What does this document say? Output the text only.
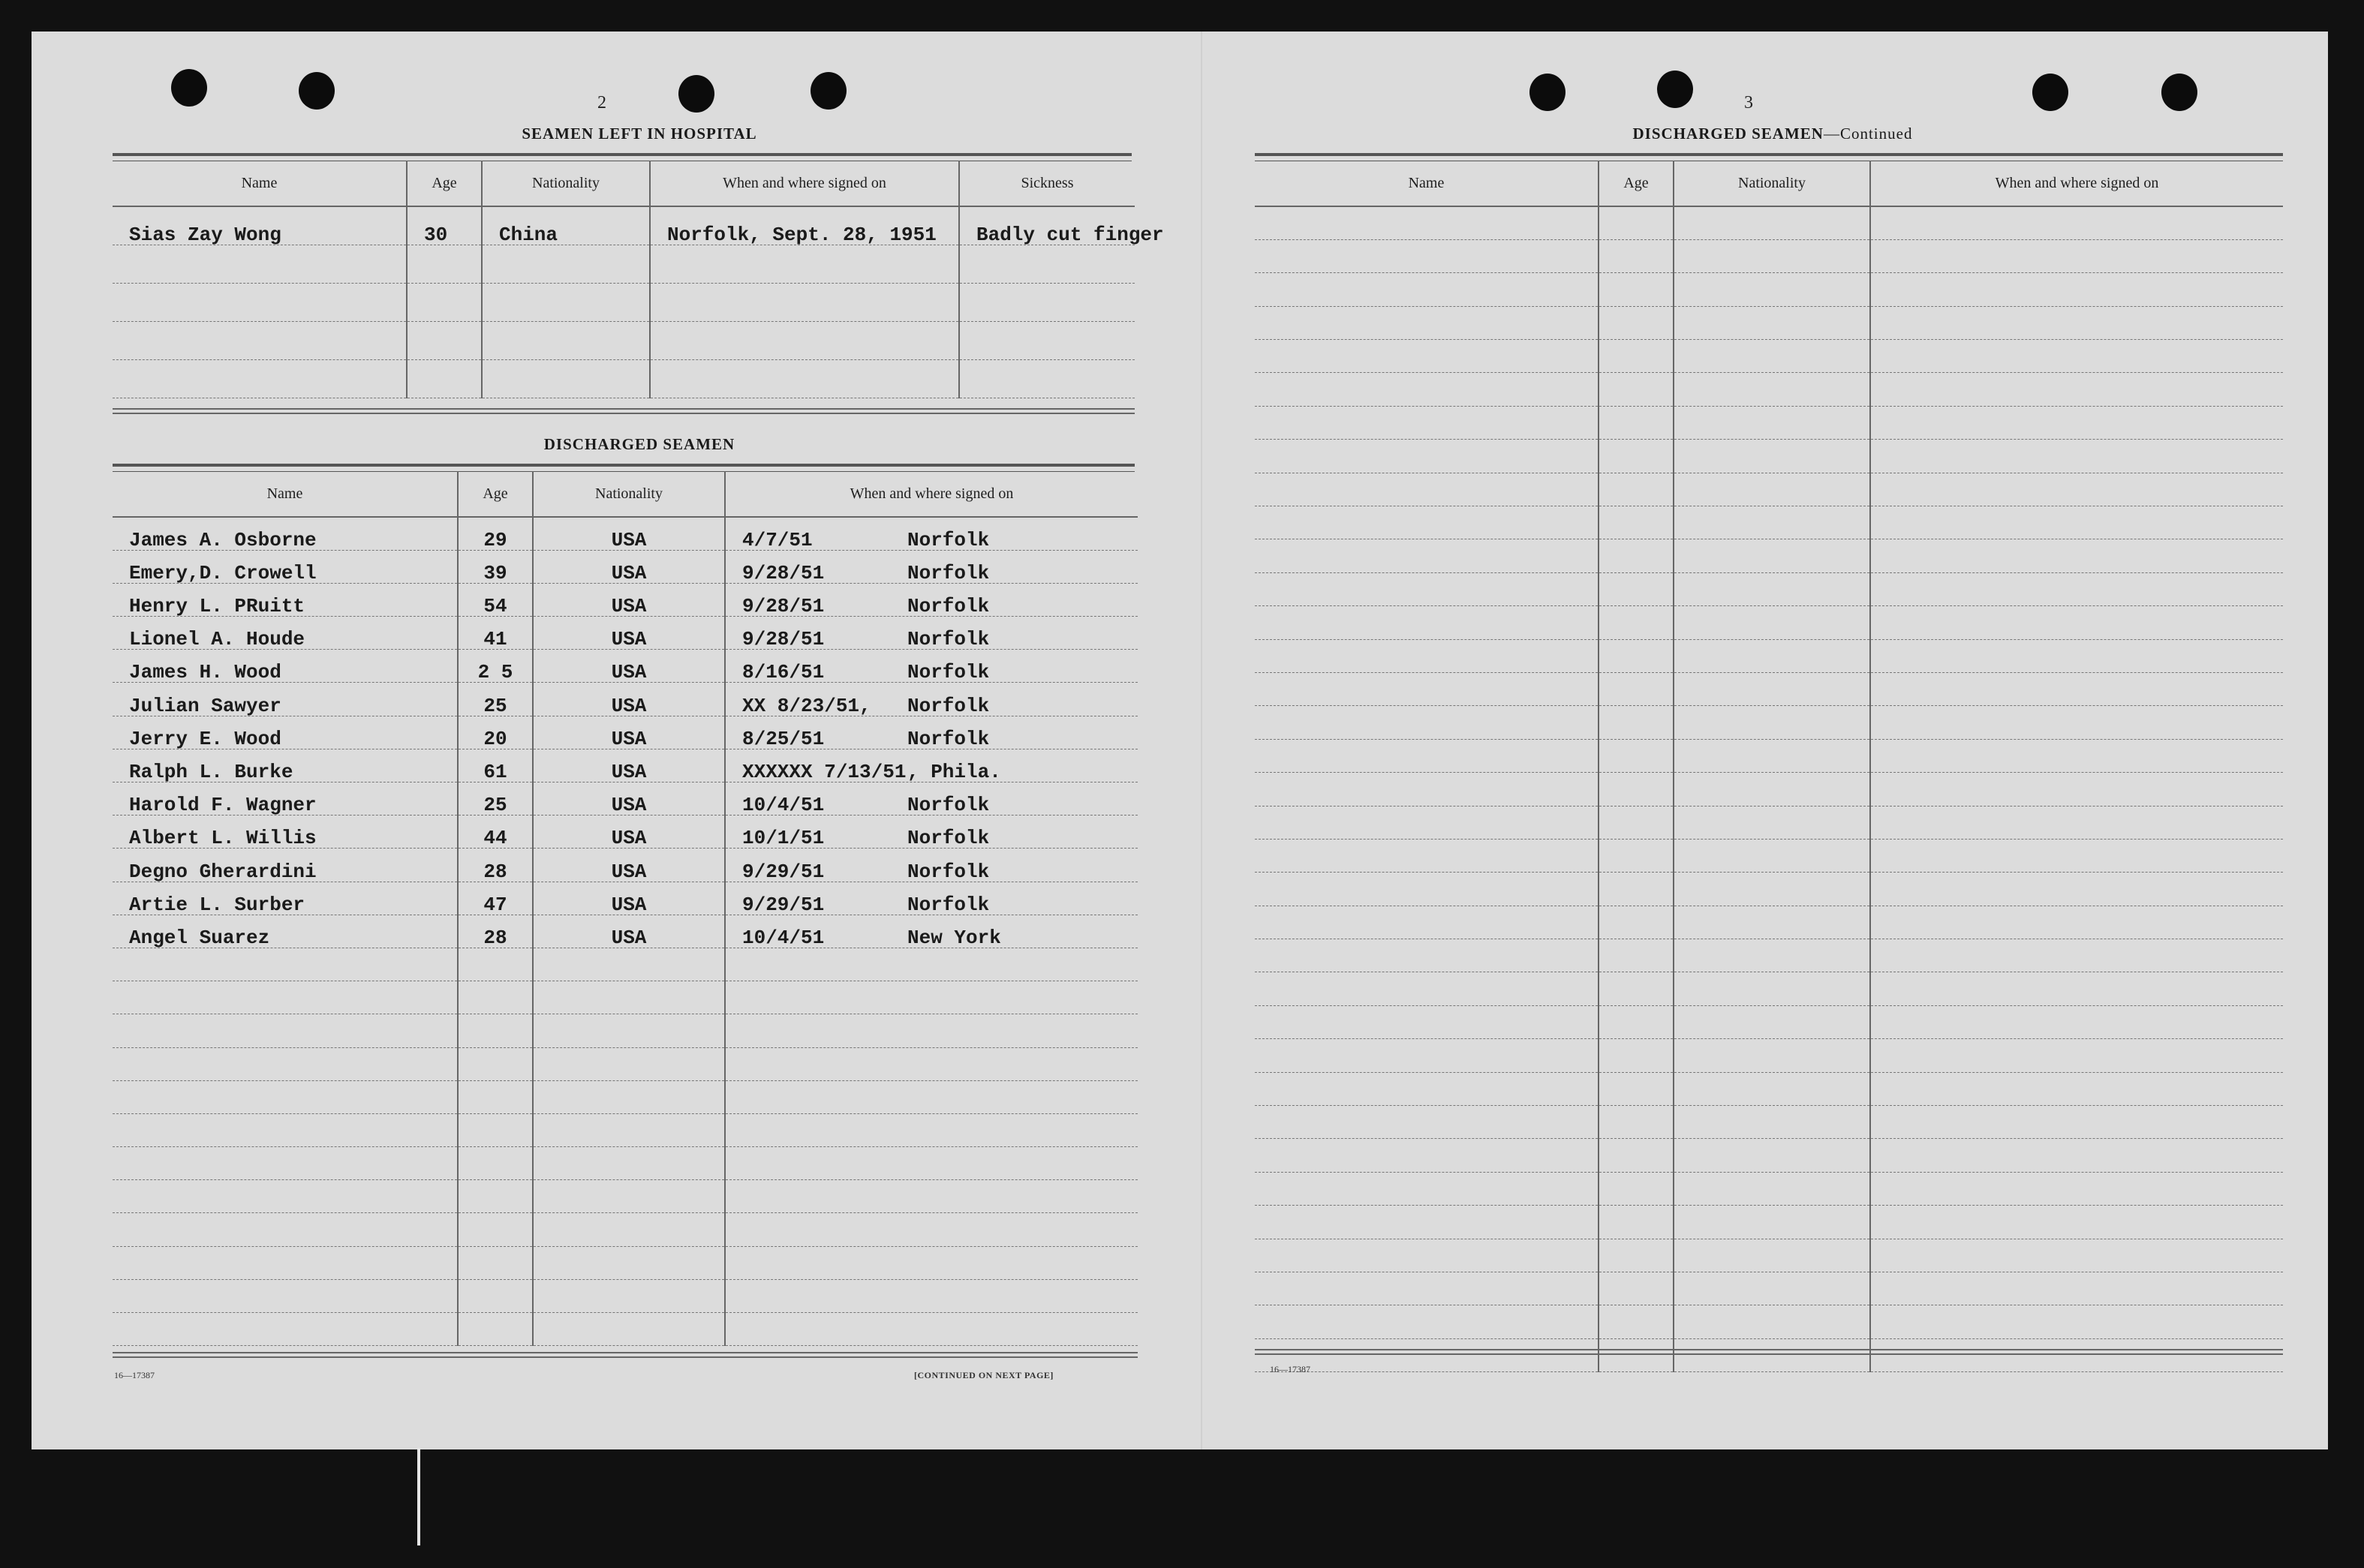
2
SEAMEN LEFT IN HOSPITAL
Name	Age	Nationality	When and where signed on	Sickness
Sias Zay Wong	30	China	Norfolk, Sept. 28, 1951	Badly cut finger

DISCHARGED SEAMEN
Name	Age	Nationality	When and where signed on
James A. Osborne	29	USA	4/7/51 Norfolk
Emery,D. Crowell	39	USA	9/28/51 Norfolk
Henry L. PRuitt	54	USA	9/28/51 Norfolk
Lionel A. Houde	41	USA	9/28/51 Norfolk
James H. Wood	2 5	USA	8/16/51 Norfolk
Julian Sawyer	25	USA	XX 8/23/51, Norfolk
Jerry E. Wood	20	USA	8/25/51 Norfolk
Ralph L. Burke	61	USA	XXXXXX 7/13/51, Phila.
Harold F. Wagner	25	USA	10/4/51 Norfolk
Albert L. Willis	44	USA	10/1/51 Norfolk
Degno Gherardini	28	USA	9/29/51 Norfolk
Artie L. Surber	47	USA	9/29/51 Norfolk
Angel Suarez	28	USA	10/4/51 New York

16—17387	[CONTINUED ON NEXT PAGE]
3
DISCHARGED SEAMEN—Continued
Name	Age	Nationality	When and where signed on

16—17387
